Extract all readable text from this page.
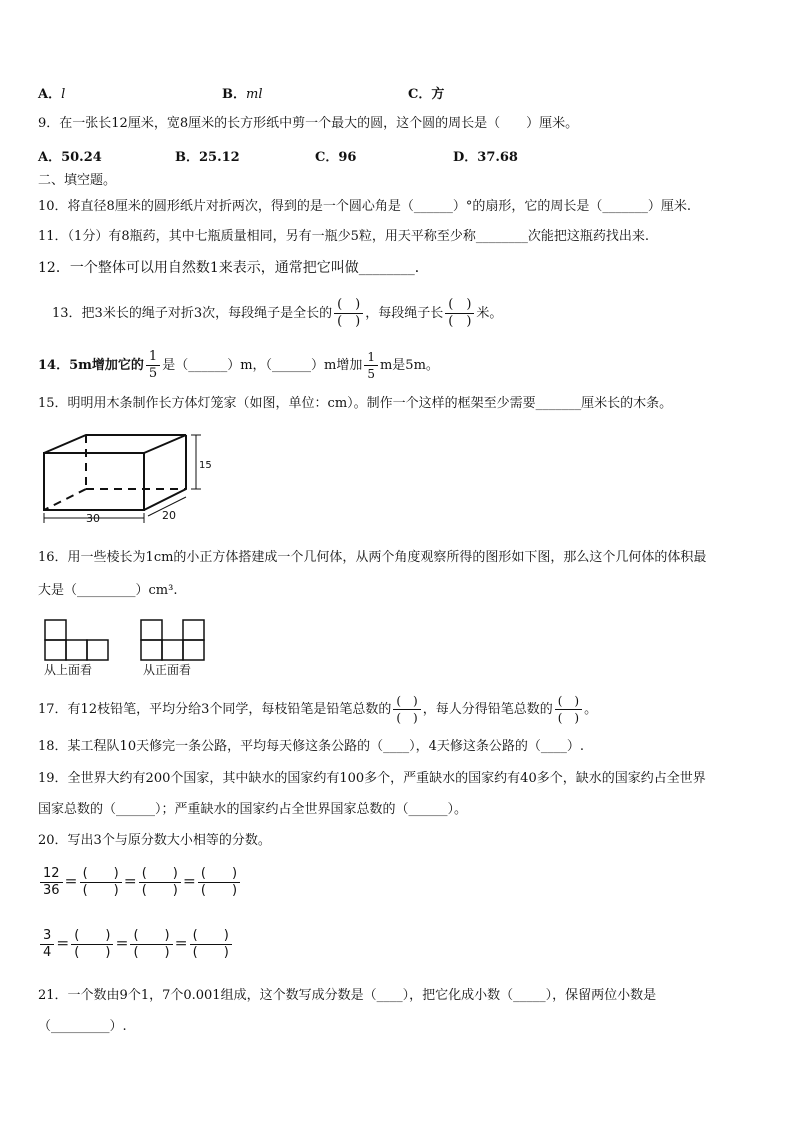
A．l	B．ml	C．方
9．在一张长12厘米，宽8厘米的长方形纸中剪一个最大的圆，这个圆的周长是（　　）厘米。
A．50.24	B．25.12	C．96	D．37.68
二、填空题。
10．将直径8厘米的圆形纸片对折两次，得到的是一个圆心角是（______）°的扇形，它的周长是（_______）厘米.
11．（1分）有8瓶药，其中七瓶质量相同，另有一瓶少5粒，用天平称至少称________次能把这瓶药找出来.
12．一个整体可以用自然数1来表示，通常把它叫做________．
13．把3米长的绳子对折3次，每段绳子是全长的 $\frac{( )}{( )}$ ，每段绳子长 $\frac{( )}{( )}$ 米。
14．5m增加它的 $\frac{1}{5}$ 是（______）m，（______）m增加 $\frac{1}{5}$ m是5m。
15．明明用木条制作长方体灯笼家（如图，单位：cm）。制作一个这样的框架至少需要_______厘米长的木条。
15
30	20
16．用一些棱长为1cm的小正方体搭建成一个几何体，从两个角度观察所得的图形如下图，那么这个几何体的体积最
大是（_________）cm³.
从上面看	从正面看
17．有12枝铅笔，平均分给3个同学，每枝铅笔是铅笔总数的 $\frac{( )}{( )}$ ，每人分得铅笔总数的 $\frac{( )}{( )}$ 。
18．某工程队10天修完一条公路，平均每天修这条公路的（____），4天修这条公路的（____）.
19．全世界大约有200个国家，其中缺水的国家约有100多个，严重缺水的国家约有40多个，缺水的国家约占全世界
国家总数的（______）；严重缺水的国家约占全世界国家总数的（______）。
20．写出3个与原分数大小相等的分数。
$\frac{12}{36} = \frac{( )}{( )} = \frac{( )}{( )} = \frac{( )}{( )}$
$\frac{3}{4} = \frac{( )}{( )} = \frac{( )}{( )} = \frac{( )}{( )}$
21．一个数由9个1，7个0.001组成，这个数写成分数是（____），把它化成小数（_____），保留两位小数是
（_________）.
